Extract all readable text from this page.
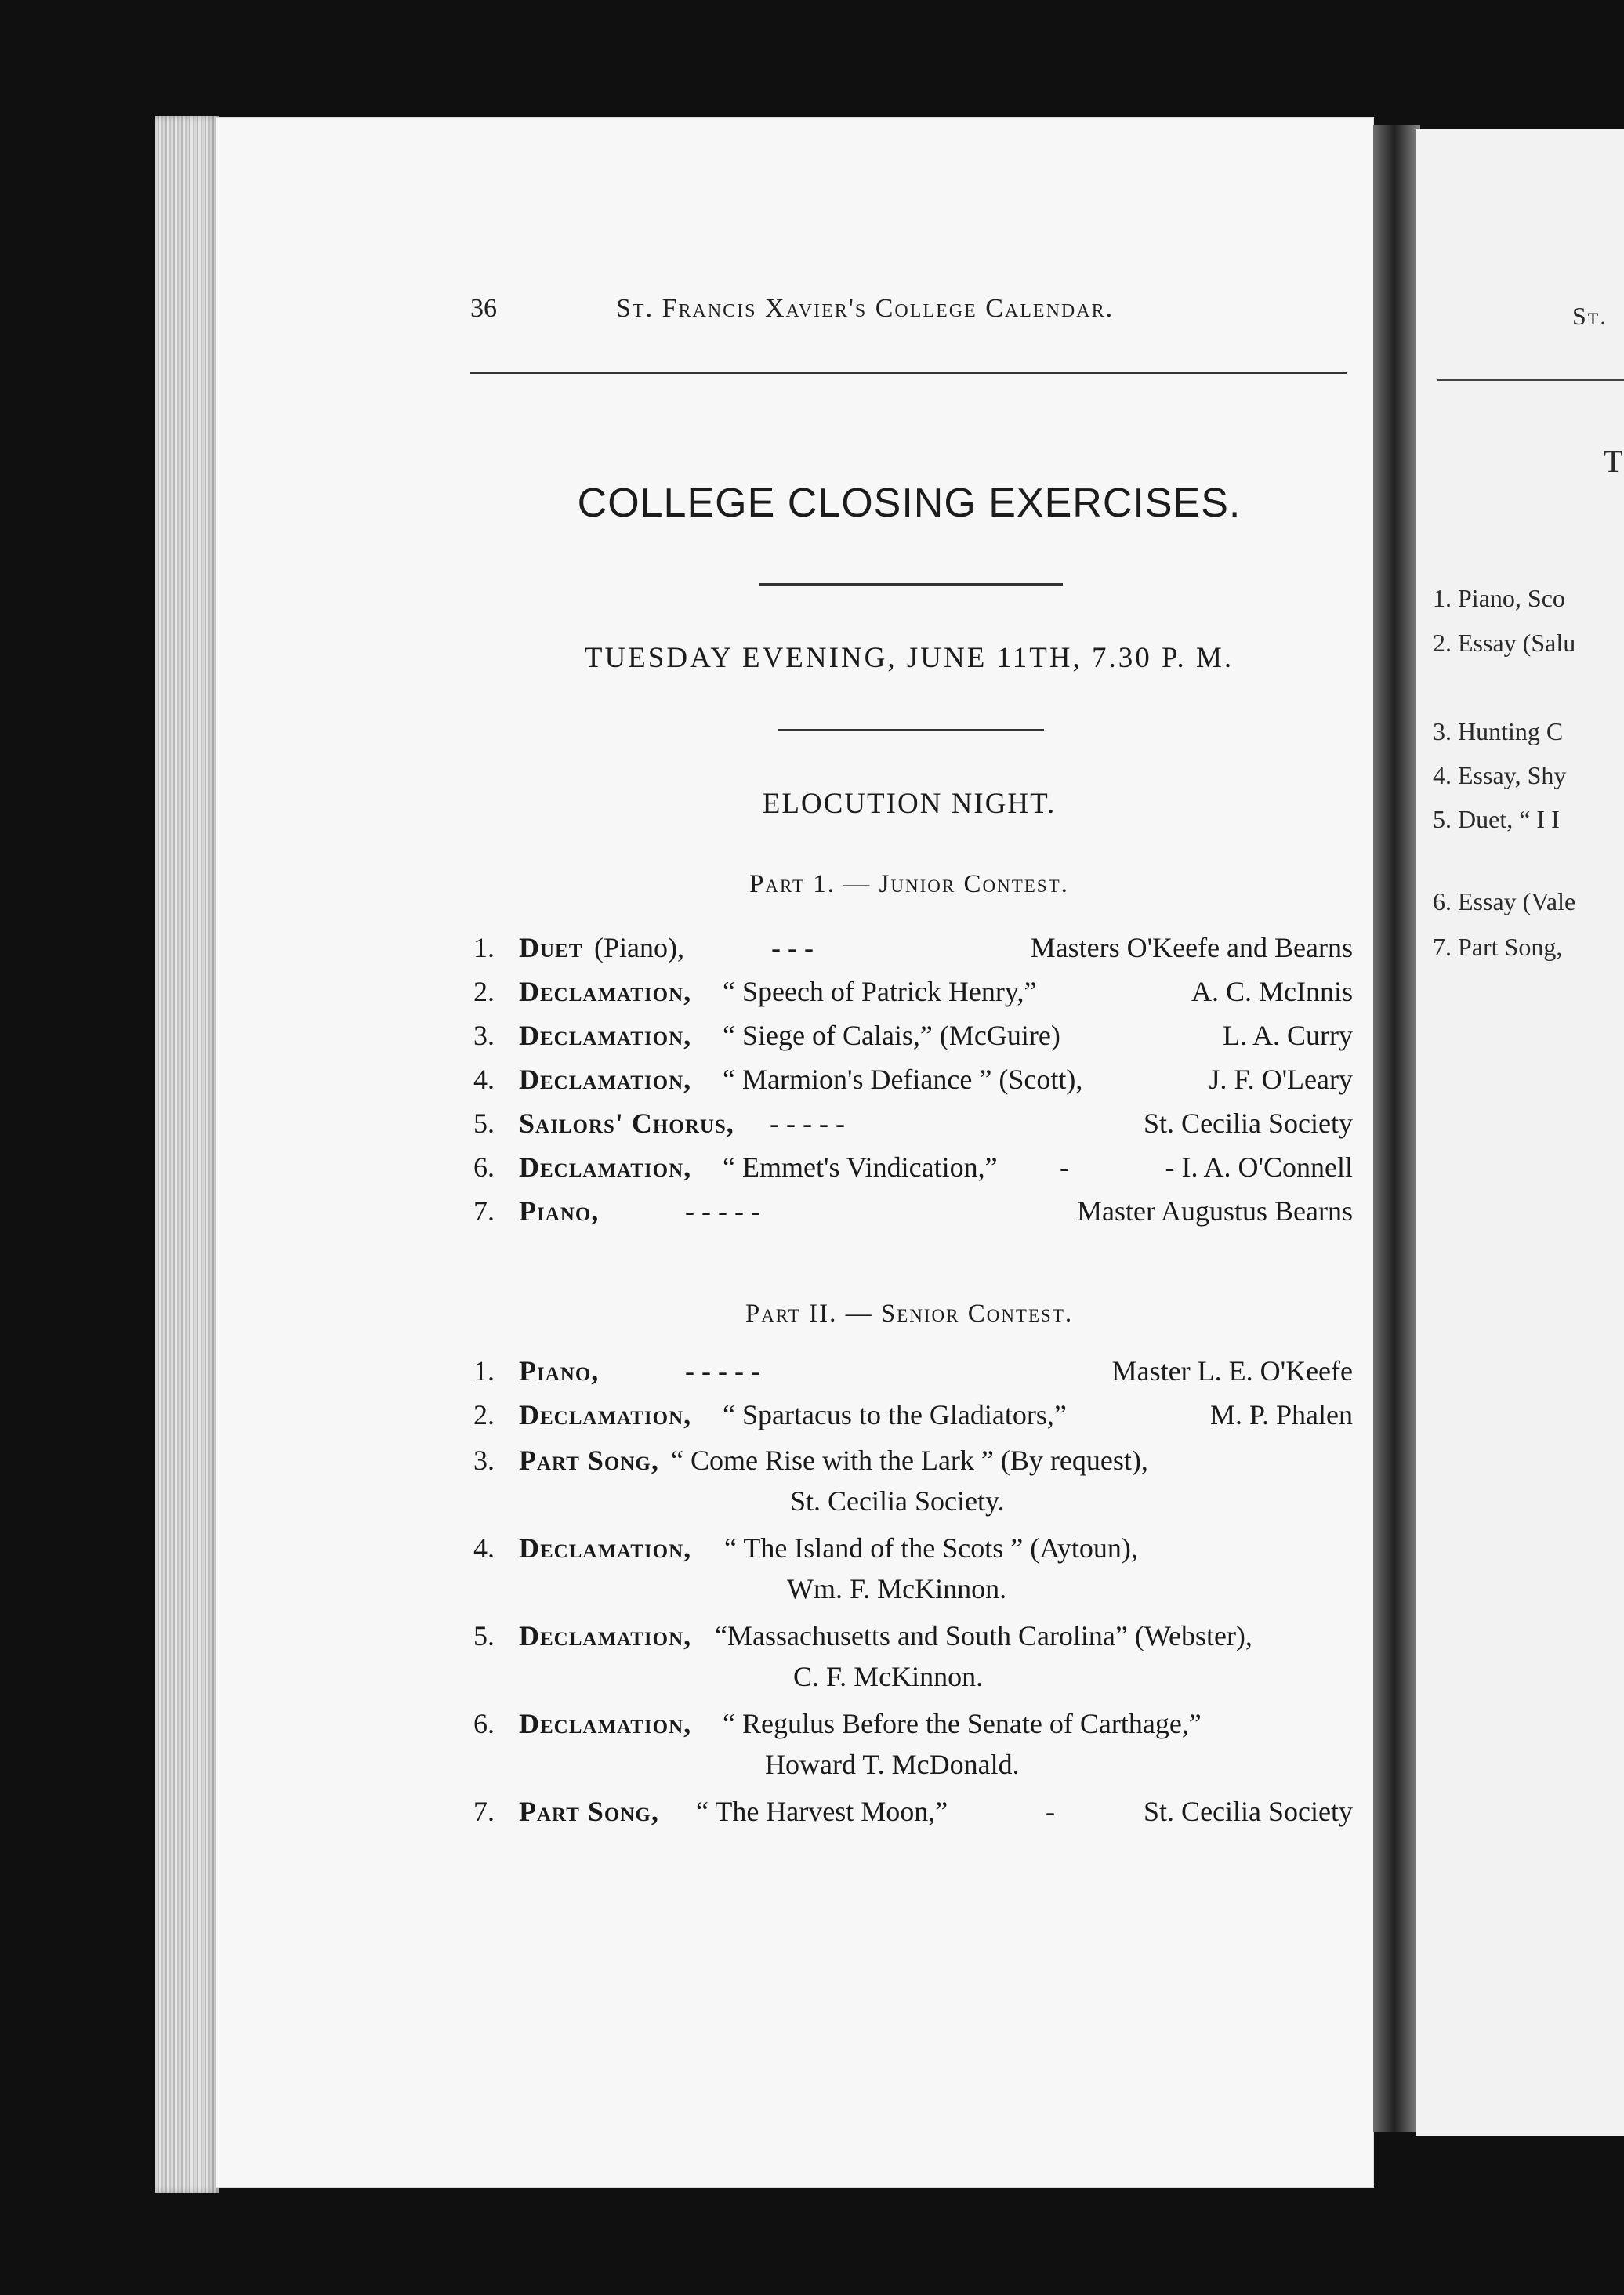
St.
T
1. Piano, Sco
2. Essay (Salu
3. Hunting C
4. Essay, Shy
5. Duet, “ I I
6. Essay (Vale
7. Part Song,
36	St. Francis Xavier's College Calendar.
COLLEGE CLOSING EXERCISES.
TUESDAY EVENING, JUNE 11TH, 7.30 P. M.
ELOCUTION NIGHT.
Part 1. — Junior Contest.
1. Duet (Piano),	- - -	Masters O'Keefe and Bearns
2. Declamation, “ Speech of Patrick Henry,”	A. C. McInnis
3. Declamation, “ Siege of Calais,” (McGuire)	L. A. Curry
4. Declamation, “ Marmion's Defiance ” (Scott),	J. F. O'Leary
5. Sailors' Chorus, - - - - -	St. Cecilia Society
6. Declamation, “ Emmet's Vindication,” -	- I. A. O'Connell
7. Piano,	- - - - -	Master Augustus Bearns
Part II. — Senior Contest.
1. Piano,	- - - - -	Master L. E. O'Keefe
2. Declamation, “ Spartacus to the Gladiators,”	M. P. Phalen
3. Part Song, “ Come Rise with the Lark ” (By request),
St. Cecilia Society.
4. Declamation, “ The Island of the Scots ” (Aytoun),
Wm. F. McKinnon.
5. Declamation, “Massachusetts and South Carolina” (Webster),
C. F. McKinnon.
6. Declamation, “ Regulus Before the Senate of Carthage,”
Howard T. McDonald.
7. Part Song, “ The Harvest Moon,”	-	St. Cecilia Society
